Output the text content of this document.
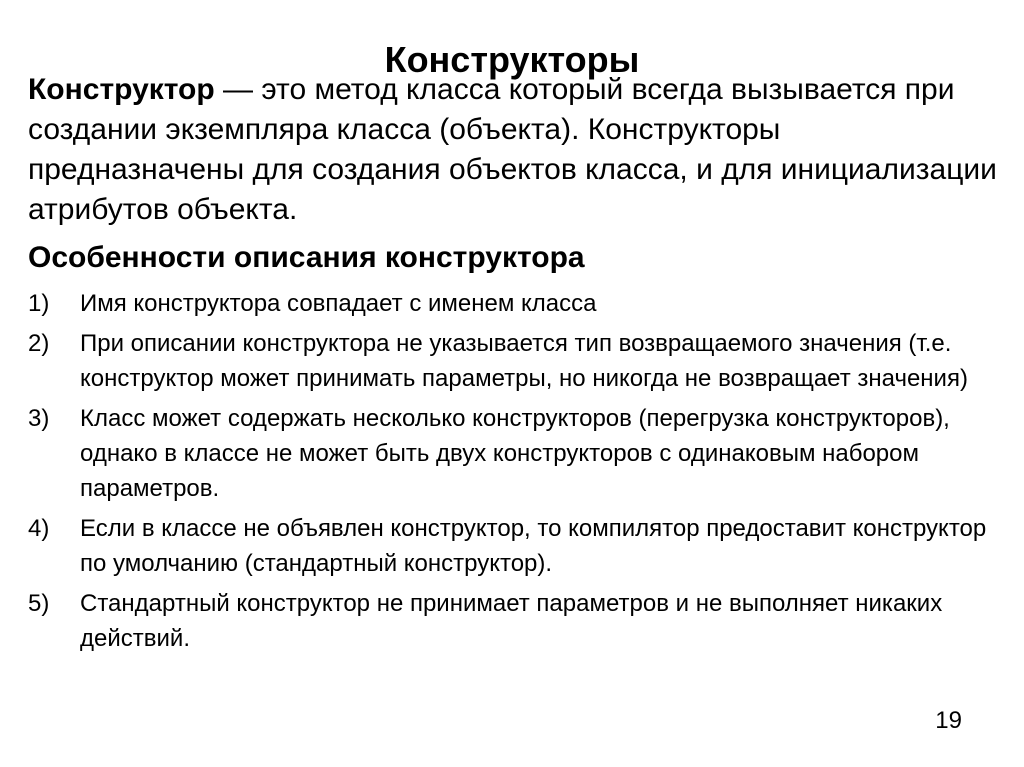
Конструкторы

Конструктор — это метод класса который всегда вызывается при создании экземпляра класса (объекта). Конструкторы предназначены для создания объектов класса, и для инициализации атрибутов объекта.

Особенности описания конструктора
1) Имя конструктора совпадает с именем класса
2) При описании конструктора не указывается тип возвращаемого значения (т.е. конструктор может принимать параметры, но никогда не возвращает значения)
3) Класс может содержать несколько конструкторов (перегрузка конструкторов), однако в классе не может быть двух конструкторов с одинаковым набором параметров.
4) Если в классе не объявлен конструктор, то компилятор предоставит конструктор по умолчанию (стандартный конструктор).
5) Стандартный конструктор не принимает параметров и не выполняет никаких действий.
19
